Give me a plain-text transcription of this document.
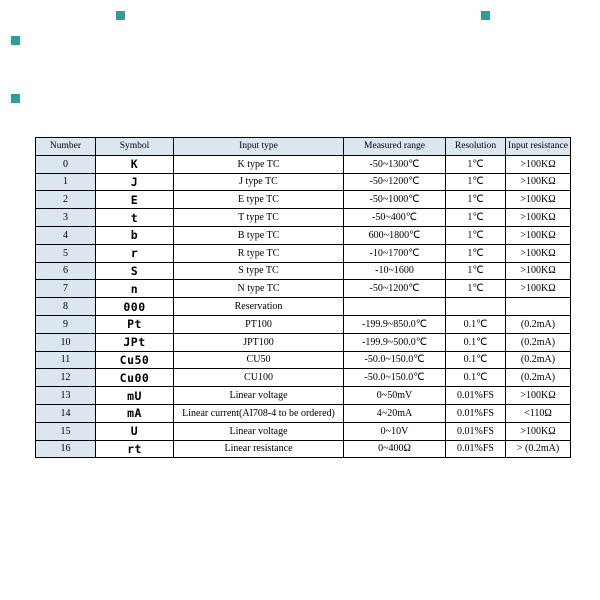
Number	Symbol	Input type	Measured range	Resolution	Input resistance
0	K	K type TC	-50~1300℃	1℃	>100KΩ
1	J	J type TC	-50~1200℃	1℃	>100KΩ
2	E	E type TC	-50~1000℃	1℃	>100KΩ
3	t	T type TC	-50~400℃	1℃	>100KΩ
4	b	B type TC	600~1800℃	1℃	>100KΩ
5	r	R type TC	-10~1700℃	1℃	>100KΩ
6	S	S type TC	-10~1600	1℃	>100KΩ
7	n	N type TC	-50~1200℃	1℃	>100KΩ
8	000	Reservation			
9	Pt	PT100	-199.9~850.0℃	0.1℃	(0.2mA)
10	JPt	JPT100	-199.9~500.0℃	0.1℃	(0.2mA)
11	Cu50	CU50	-50.0~150.0℃	0.1℃	(0.2mA)
12	Cu00	CU100	-50.0~150.0℃	0.1℃	(0.2mA)
13	mU	Linear voltage	0~50mV	0.01%FS	>100KΩ
14	mA	Linear current(AI708-4 to be ordered)	4~20mA	0.01%FS	<110Ω
15	U	Linear voltage	0~10V	0.01%FS	>100KΩ
16	rt	Linear resistance	0~400Ω	0.01%FS	> (0.2mA)
